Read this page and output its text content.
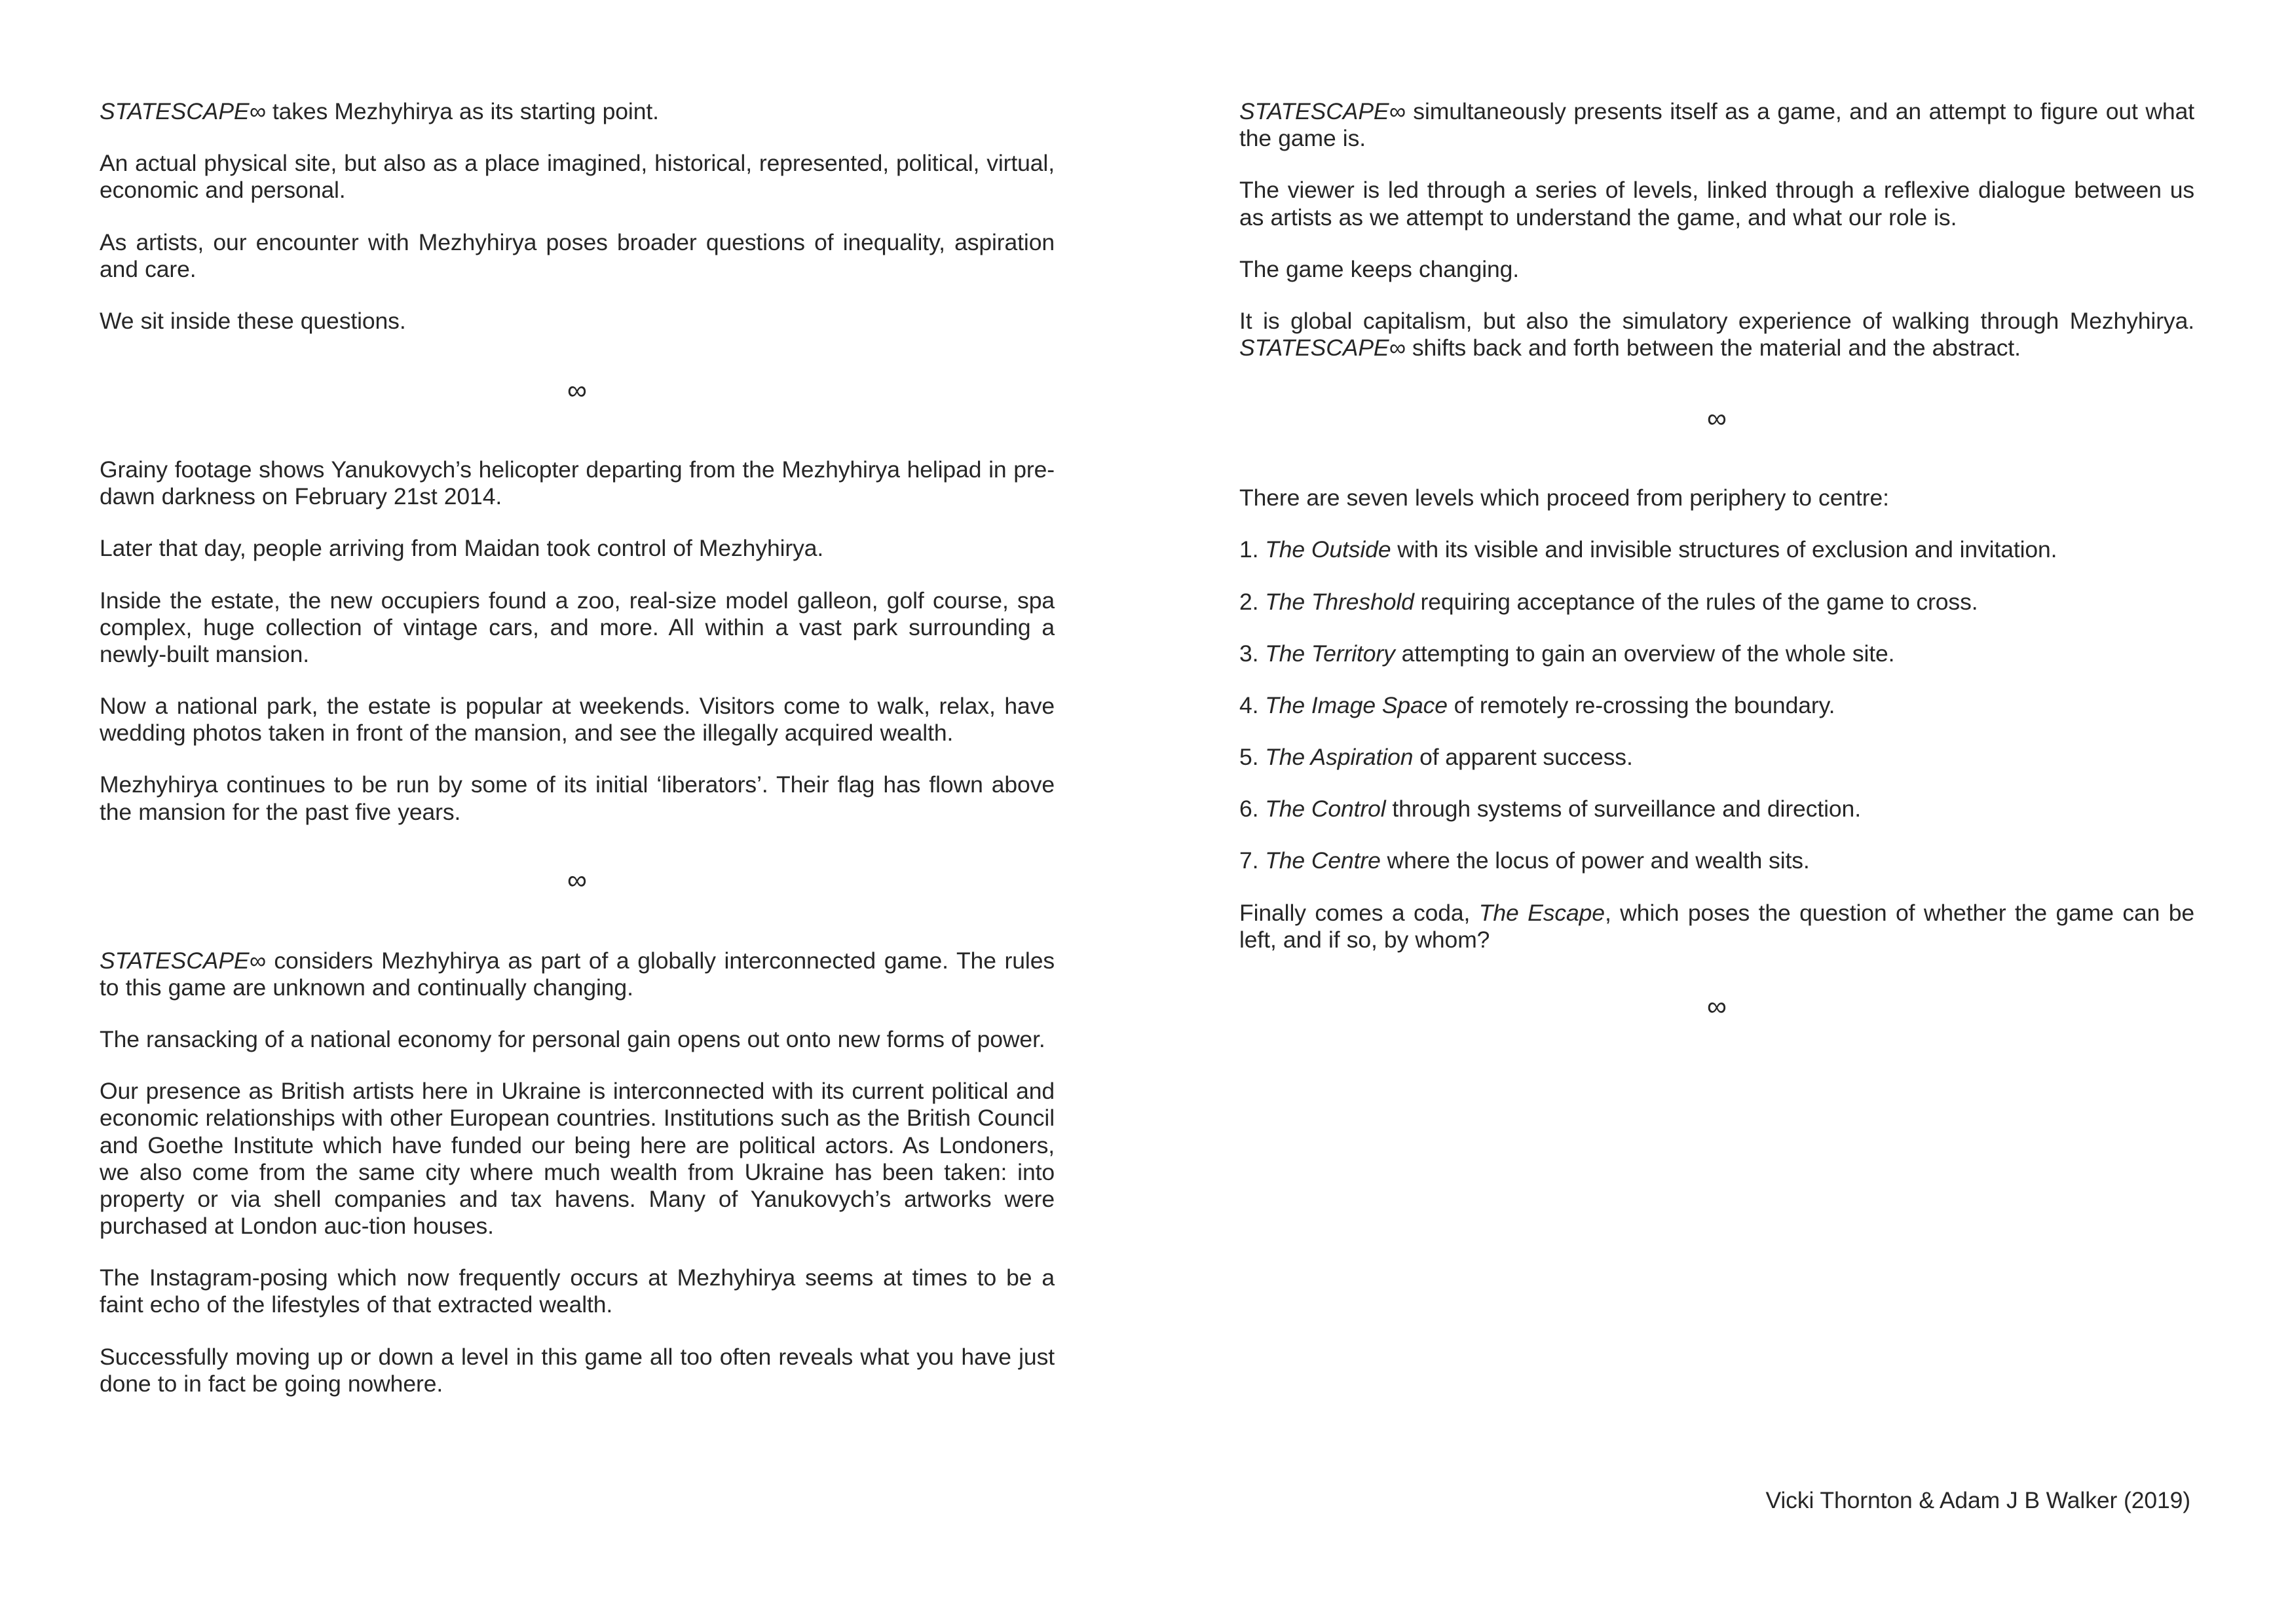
STATESCAPE∞ takes Mezhyhirya as its starting point.

An actual physical site, but also as a place imagined, historical, represented, political, virtual, economic and personal.

As artists, our encounter with Mezhyhirya poses broader questions of inequality, aspiration and care.

We sit inside these questions.

∞

Grainy footage shows Yanukovych’s helicopter departing from the Mezhyhirya helipad in pre-dawn darkness on February 21st 2014.

Later that day, people arriving from Maidan took control of Mezhyhirya.

Inside the estate, the new occupiers found a zoo, real-size model galleon, golf course, spa complex, huge collection of vintage cars, and more. All within a vast park surrounding a newly-built mansion.

Now a national park, the estate is popular at weekends. Visitors come to walk, relax, have wedding photos taken in front of the mansion, and see the illegally acquired wealth.

Mezhyhirya continues to be run by some of its initial ‘liberators’. Their flag has flown above the mansion for the past five years.

∞

STATESCAPE∞ considers Mezhyhirya as part of a globally interconnected game. The rules to this game are unknown and continually changing.

The ransacking of a national economy for personal gain opens out onto new forms of power.

Our presence as British artists here in Ukraine is interconnected with its current political and economic relationships with other European countries. Institutions such as the British Council and Goethe Institute which have funded our being here are political actors. As Londoners, we also come from the same city where much wealth from Ukraine has been taken: into property or via shell companies and tax havens. Many of Yanukovych’s artworks were purchased at London auc-tion houses.

The Instagram-posing which now frequently occurs at Mezhyhirya seems at times to be a faint echo of the lifestyles of that extracted wealth.

Successfully moving up or down a level in this game all too often reveals what you have just done to in fact be going nowhere.

STATESCAPE∞ simultaneously presents itself as a game, and an attempt to figure out what the game is.

The viewer is led through a series of levels, linked through a reflexive dialogue between us as artists as we attempt to understand the game, and what our role is.

The game keeps changing.

It is global capitalism, but also the simulatory experience of walking through Mezhyhirya. STATESCAPE∞ shifts back and forth between the material and the abstract.

∞

There are seven levels which proceed from periphery to centre:

1. The Outside with its visible and invisible structures of exclusion and invitation.

2. The Threshold requiring acceptance of the rules of the game to cross.

3. The Territory attempting to gain an overview of the whole site.

4. The Image Space of remotely re-crossing the boundary.

5. The Aspiration of apparent success.

6. The Control through systems of surveillance and direction.

7. The Centre where the locus of power and wealth sits.

Finally comes a coda, The Escape, which poses the question of whether the game can be left, and if so, by whom?

∞
Vicki Thornton & Adam J B Walker (2019)
